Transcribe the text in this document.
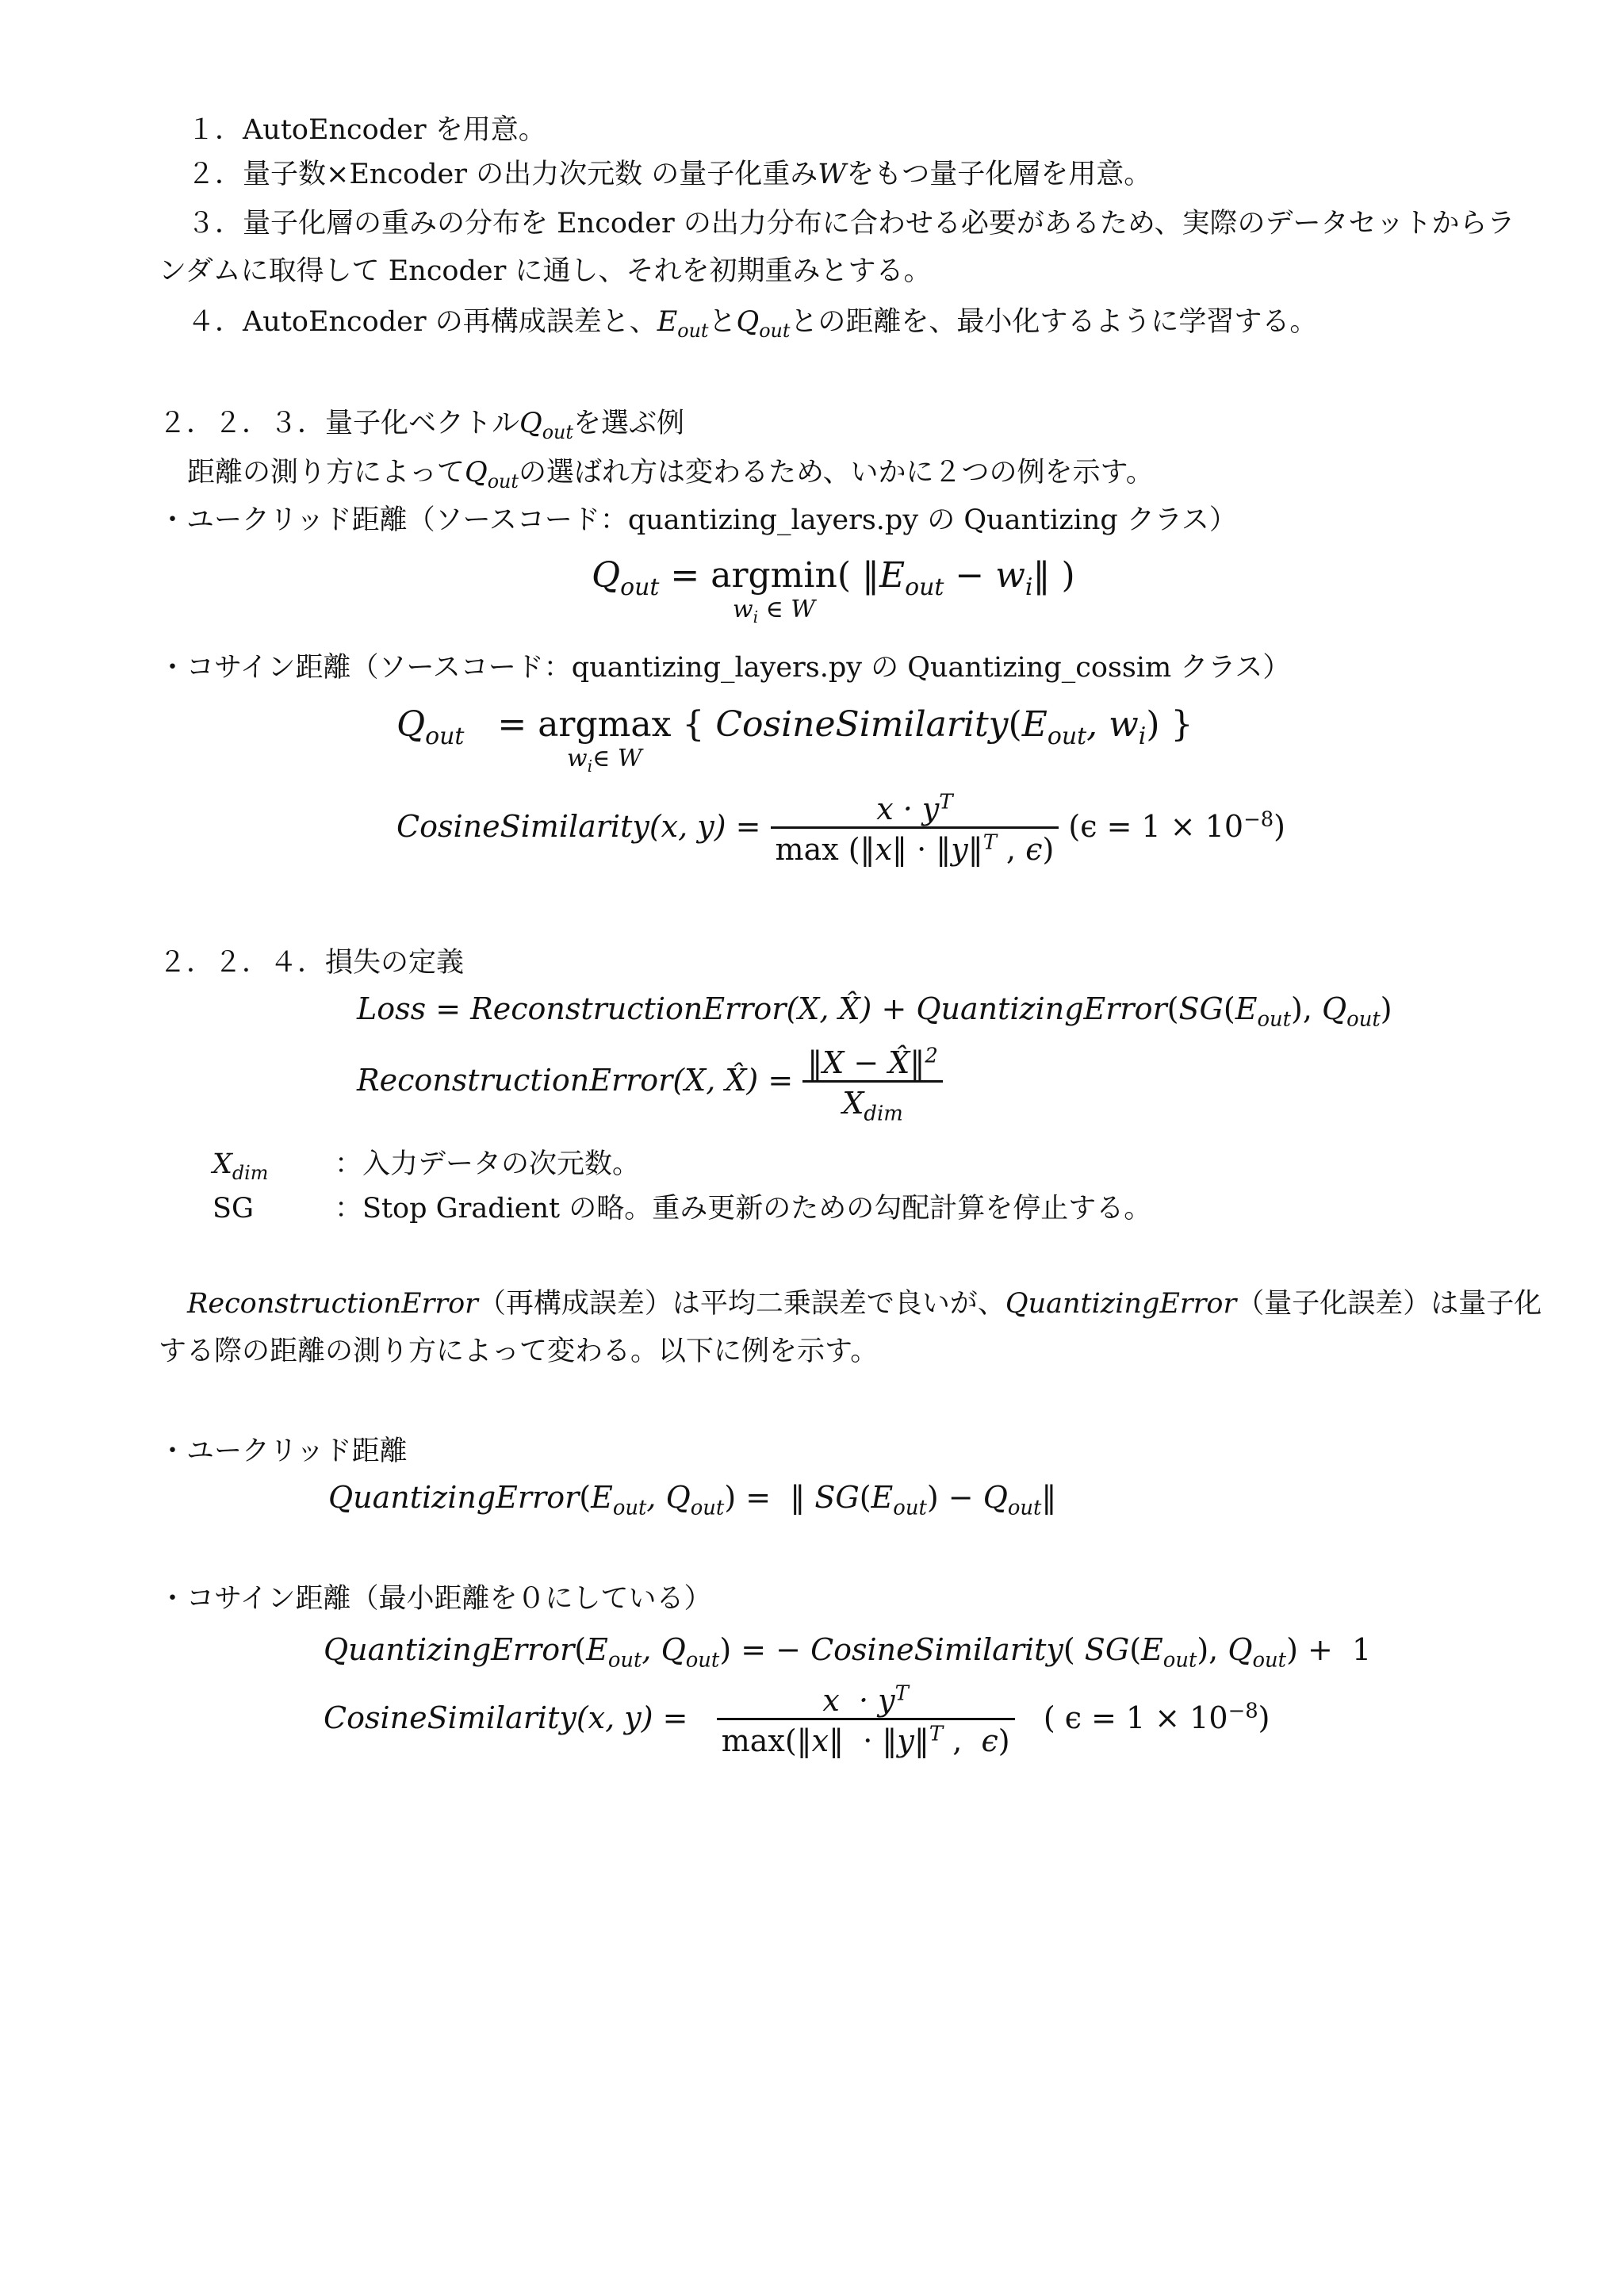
１．AutoEncoder を用意。
２．量子数×Encoder の出力次元数 の量子化重みWをもつ量子化層を用意。
３．量子化層の重みの分布を Encoder の出力分布に合わせる必要があるため、実際のデータセットからラ
ンダムに取得して Encoder に通し、それを初期重みとする。
４．AutoEncoder の再構成誤差と、$E_{out}$と$Q_{out}$との距離を、最小化するように学習する。
２．２．３．量子化ベクトル$Q_{out}$を選ぶ例
距離の測り方によって$Q_{out}$の選ばれ方は変わるため、いかに２つの例を示す。
・ユークリッド距離（ソースコード：quantizing_layers.py の Quantizing クラス）
$Q_{out} = argmin$
$w_i$ ∈ W
( $‖E_{out}$ − $w_i‖$ )
・コサイン距離（ソースコード：quantizing_layers.py の Quantizing_cossim クラス）
$Q_{out} = argmax$
$w_i\in$ W
{ $CosineSimilarity(E_{out}$, $w_i$) }
CosineSimilarity(x, $y) = \frac{x \cdot y^T}{\max (‖x‖ \cdot ‖y‖^T , \epsilon)} (\epsilon = 1 \times 10^{-8})$
２．２．４．損失の定義
Loss = ReconstructionError(X, X̂) + $QuantizingError(SG(E_{out})$, $Q_{out}$)
ReconstructionError(X, X̂) = $\frac{‖X - X̂‖^2}{X_{dim}}$
$X_{dim}$ ：入力データの次元数。
SG	：Stop Gradient の略。重み更新のための勾配計算を停止する。
ReconstructionError（再構成誤差）は平均二乗誤差で良いが、QuantizingError（量子化誤差）は量子化
する際の距離の測り方によって変わる。以下に例を示す。
・ユークリッド距離
$QuantizingError(E_{out}$, $Q_{out}$) =  ‖ $SG(E_{out})$ − $Q_{out}‖$
・コサイン距離（最小距離を０にしている）
$QuantizingError(E_{out}$, $Q_{out}$) = − CosineSimilarity( $SG(E_{out})$, $Q_{out}) + 1$
CosineSimilarity(x, $y) = \frac{x \cdot y^T}{\max(‖x‖ \cdot ‖y‖^T , \epsilon)}$ ( $\epsilon = 1 \times 10^{-8}$)
